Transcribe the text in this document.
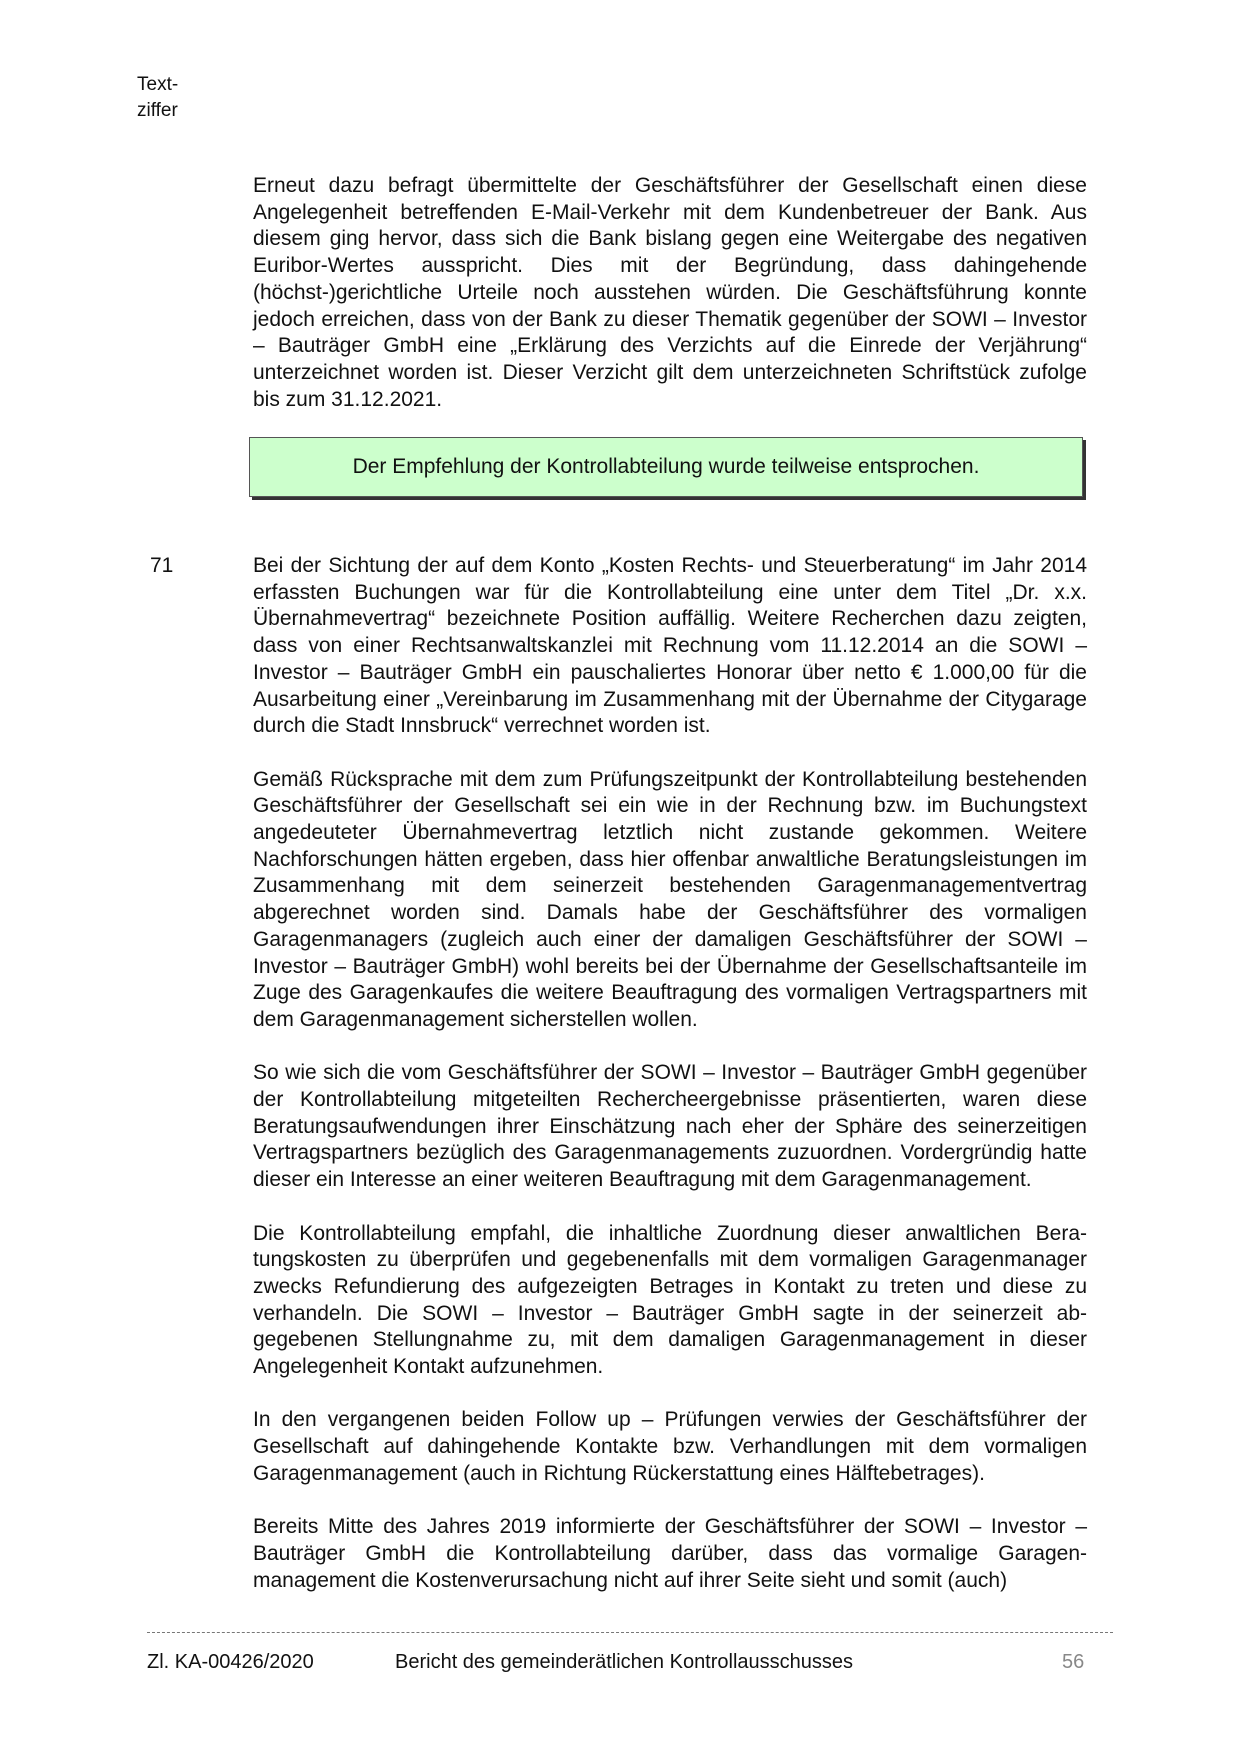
Text-
ziffer

Erneut dazu befragt übermittelte der Geschäftsführer der Gesellschaft einen diese Angelegenheit betreffenden E-Mail-Verkehr mit dem Kundenbetreuer der Bank. Aus diesem ging hervor, dass sich die Bank bislang gegen eine Weitergabe des negativen Euribor-Wertes ausspricht. Dies mit der Begründung, dass dahingehende (höchst-)gerichtliche Urteile noch ausstehen würden. Die Geschäftsführung konnte jedoch erreichen, dass von der Bank zu dieser Thematik gegenüber der SOWI – Investor – Bauträger GmbH eine „Erklärung des Verzichts auf die Einrede der Verjährung“ unterzeichnet worden ist. Dieser Verzicht gilt dem unterzeichneten Schriftstück zufolge bis zum 31.12.2021.

Der Empfehlung der Kontrollabteilung wurde teilweise entsprochen.
71	Bei der Sichtung der auf dem Konto „Kosten Rechts- und Steuerberatung“ im Jahr 2014 erfassten Buchungen war für die Kontrollabteilung eine unter dem Titel „Dr. x.x. Übernahmevertrag“ bezeichnete Position auffällig. Weitere Recherchen dazu zeigten, dass von einer Rechtsanwaltskanzlei mit Rechnung vom 11.12.2014 an die SOWI – Investor – Bauträger GmbH ein pauschaliertes Honorar über netto € 1.000,00 für die Ausarbeitung einer „Vereinbarung im Zusammenhang mit der Übernahme der Citygarage durch die Stadt Innsbruck“ verrechnet worden ist.

Gemäß Rücksprache mit dem zum Prüfungszeitpunkt der Kontrollabteilung bestehenden Geschäftsführer der Gesellschaft sei ein wie in der Rechnung bzw. im Buchungstext angedeuteter Übernahmevertrag letztlich nicht zustande gekommen. Weitere Nachforschungen hätten ergeben, dass hier offenbar anwaltliche Beratungsleistungen im Zusammenhang mit dem seinerzeit bestehenden Garagenmanagementvertrag abgerechnet worden sind. Damals habe der Geschäftsführer des vormaligen Garagenmanagers (zugleich auch einer der damaligen Geschäftsführer der SOWI – Investor – Bauträger GmbH) wohl bereits bei der Übernahme der Gesellschaftsanteile im Zuge des Garagenkaufes die weitere Beauftragung des vormaligen Vertragspartners mit dem Garagenmanagement sicherstellen wollen.

So wie sich die vom Geschäftsführer der SOWI – Investor – Bauträger GmbH gegenüber der Kontrollabteilung mitgeteilten Rechercheergebnisse präsentierten, waren diese Beratungsaufwendungen ihrer Einschätzung nach eher der Sphäre des seinerzeitigen Vertragspartners bezüglich des Garagenmanagements zuzuordnen. Vordergründig hatte dieser ein Interesse an einer weiteren Beauftragung mit dem Garagenmanagement.

Die Kontrollabteilung empfahl, die inhaltliche Zuordnung dieser anwaltlichen Beratungskosten zu überprüfen und gegebenenfalls mit dem vormaligen Garagenmanager zwecks Refundierung des aufgezeigten Betrages in Kontakt zu treten und diese zu verhandeln. Die SOWI – Investor – Bauträger GmbH sagte in der seinerzeit abgegebenen Stellungnahme zu, mit dem damaligen Garagenmanagement in dieser Angelegenheit Kontakt aufzunehmen.

In den vergangenen beiden Follow up – Prüfungen verwies der Geschäftsführer der Gesellschaft auf dahingehende Kontakte bzw. Verhandlungen mit dem vormaligen Garagenmanagement (auch in Richtung Rückerstattung eines Hälftebetrages).

Bereits Mitte des Jahres 2019 informierte der Geschäftsführer der SOWI – Investor – Bauträger GmbH die Kontrollabteilung darüber, dass das vormalige Garagenmanagement die Kostenverursachung nicht auf ihrer Seite sieht und somit (auch)

Zl. KA-00426/2020	Bericht des gemeinderätlichen Kontrollausschusses	56
